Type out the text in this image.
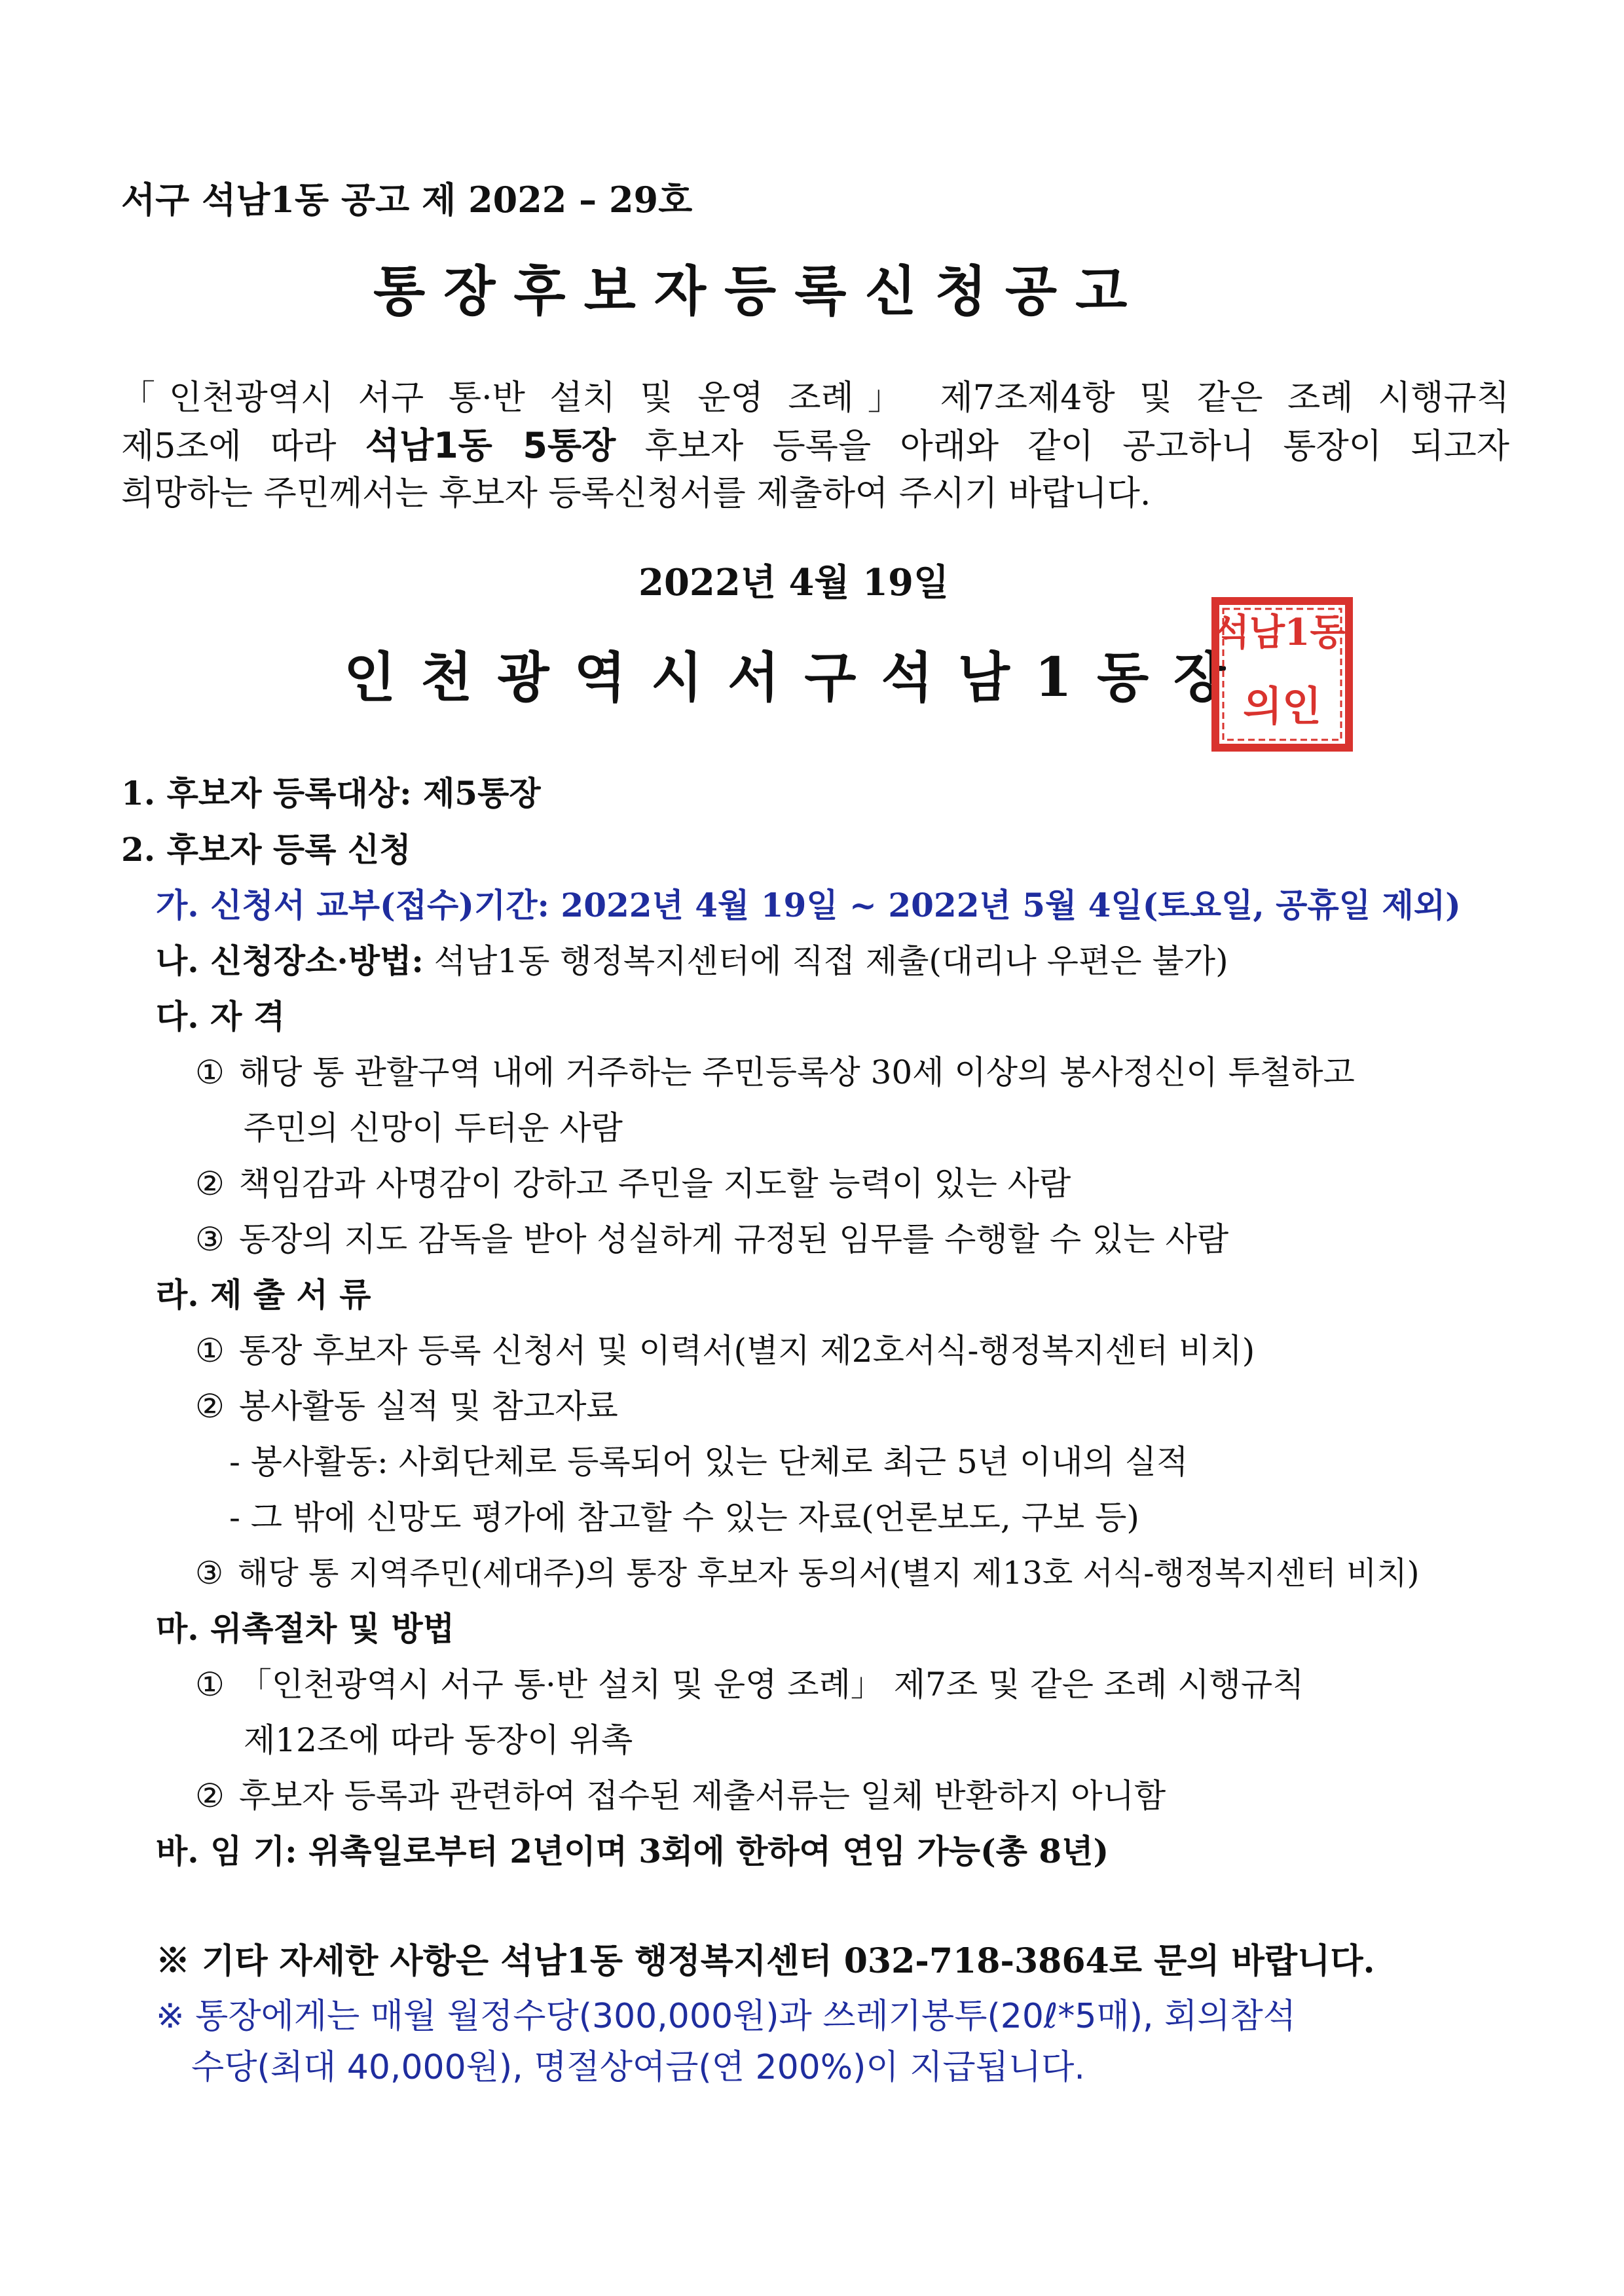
서구 석남1동 공고 제 2022 – 29호
통장후보자등록신청공고
「인천광역시 서구 통·반 설치 및 운영 조례」 제7조제4항 및 같은 조례 시행규칙
제5조에 따라 석남1동 5통장 후보자 등록을 아래와 같이 공고하니 통장이 되고자
희망하는 주민께서는 후보자 등록신청서를 제출하여 주시기 바랍니다.
2022년 4월 19일
인천광역시서구석남1동장
석남 1동
의인
1. 후보자 등록대상: 제5통장
2. 후보자 등록 신청
가. 신청서 교부(접수)기간: 2022년 4월 19일 ~ 2022년 5월 4일(토요일, 공휴일 제외)
나. 신청장소·방법: 석남1동 행정복지센터에 직접 제출(대리나 우편은 불가)
다. 자 격
① 해당 통 관할구역 내에 거주하는 주민등록상 30세 이상의 봉사정신이 투철하고
주민의 신망이 두터운 사람
② 책임감과 사명감이 강하고 주민을 지도할 능력이 있는 사람
③ 동장의 지도 감독을 받아 성실하게 규정된 임무를 수행할 수 있는 사람
라. 제 출 서 류
① 통장 후보자 등록 신청서 및 이력서(별지 제2호서식-행정복지센터 비치)
② 봉사활동 실적 및 참고자료
- 봉사활동: 사회단체로 등록되어 있는 단체로 최근 5년 이내의 실적
- 그 밖에 신망도 평가에 참고할 수 있는 자료(언론보도, 구보 등)
③ 해당 통 지역주민(세대주)의 통장 후보자 동의서(별지 제13호 서식-행정복지센터 비치)
마. 위촉절차 및 방법
① 「인천광역시 서구 통·반 설치 및 운영 조례」 제7조 및 같은 조례 시행규칙
제12조에 따라 동장이 위촉
② 후보자 등록과 관련하여 접수된 제출서류는 일체 반환하지 아니함
바. 임 기: 위촉일로부터 2년이며 3회에 한하여 연임 가능(총 8년)
※ 기타 자세한 사항은 석남1동 행정복지센터 032-718-3864로 문의 바랍니다.
※ 통장에게는 매월 월정수당(300,000원)과 쓰레기봉투(20ℓ*5매), 회의참석
수당(최대 40,000원), 명절상여금(연 200%)이 지급됩니다.
